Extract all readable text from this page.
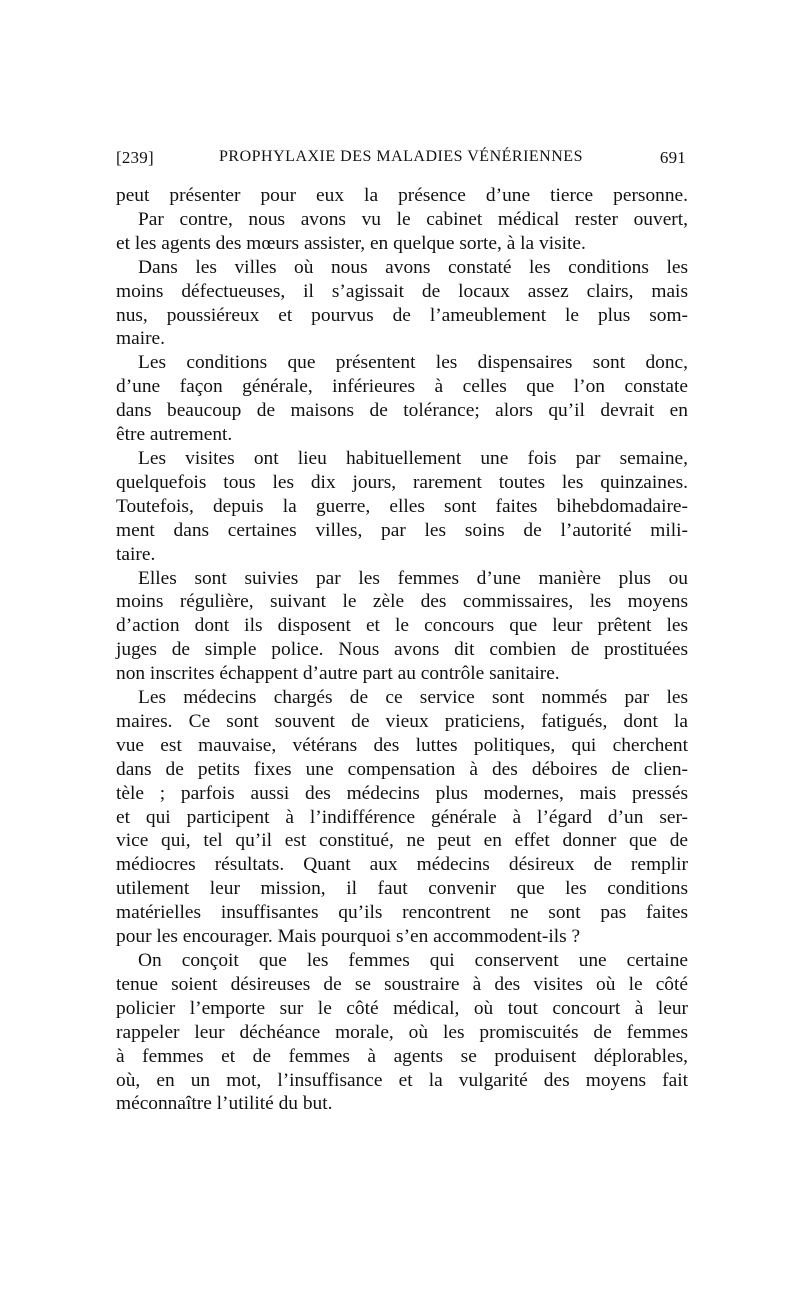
[239]	PROPHYLAXIE DES MALADIES VÉNÉRIENNES	691
peut présenter pour eux la présence d’une tierce personne.
Par contre, nous avons vu le cabinet médical rester ouvert,
et les agents des mœurs assister, en quelque sorte, à la visite.
Dans les villes où nous avons constaté les conditions les
moins défectueuses, il s’agissait de locaux assez clairs, mais
nus, poussiéreux et pourvus de l’ameublement le plus som-
maire.
Les conditions que présentent les dispensaires sont donc,
d’une façon générale, inférieures à celles que l’on constate
dans beaucoup de maisons de tolérance; alors qu’il devrait en
être autrement.
Les visites ont lieu habituellement une fois par semaine,
quelquefois tous les dix jours, rarement toutes les quinzaines.
Toutefois, depuis la guerre, elles sont faites bihebdomadaire-
ment dans certaines villes, par les soins de l’autorité mili-
taire.
Elles sont suivies par les femmes d’une manière plus ou
moins régulière, suivant le zèle des commissaires, les moyens
d’action dont ils disposent et le concours que leur prêtent les
juges de simple police. Nous avons dit combien de prostituées
non inscrites échappent d’autre part au contrôle sanitaire.
Les médecins chargés de ce service sont nommés par les
maires. Ce sont souvent de vieux praticiens, fatigués, dont la
vue est mauvaise, vétérans des luttes politiques, qui cherchent
dans de petits fixes une compensation à des déboires de clien-
tèle ; parfois aussi des médecins plus modernes, mais pressés
et qui participent à l’indifférence générale à l’égard d’un ser-
vice qui, tel qu’il est constitué, ne peut en effet donner que de
médiocres résultats. Quant aux médecins désireux de remplir
utilement leur mission, il faut convenir que les conditions
matérielles insuffisantes qu’ils rencontrent ne sont pas faites
pour les encourager. Mais pourquoi s’en accommodent-ils ?
On conçoit que les femmes qui conservent une certaine
tenue soient désireuses de se soustraire à des visites où le côté
policier l’emporte sur le côté médical, où tout concourt à leur
rappeler leur déchéance morale, où les promiscuités de femmes
à femmes et de femmes à agents se produisent déplorables,
où, en un mot, l’insuffisance et la vulgarité des moyens fait
méconnaître l’utilité du but.
